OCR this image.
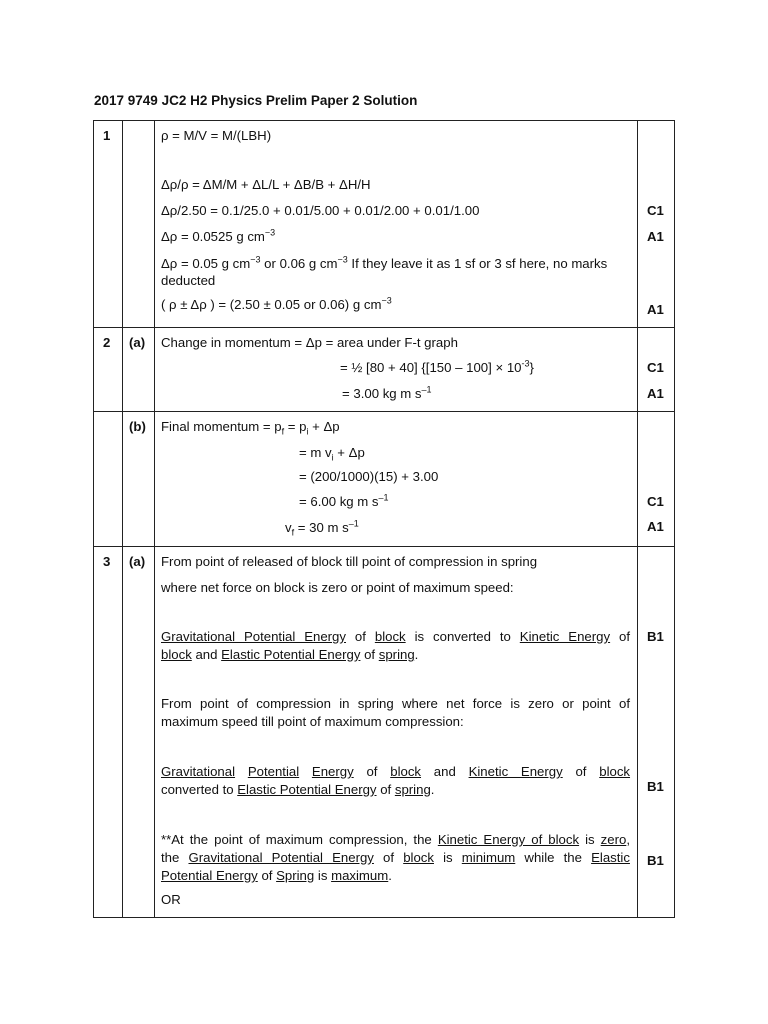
2017 9749 JC2 H2 Physics Prelim Paper 2 Solution
1	ρ = M/V = M/(LBH)
Δρ/ρ = ΔM/M + ΔL/L + ΔB/B + ΔH/H
Δρ/2.50 = 0.1/25.0 + 0.01/5.00 + 0.01/2.00 + 0.01/1.00
Δρ = 0.0525 g $cm^{-3}$
Δρ = 0.05 g $cm^{-3}$ or 0.06 g $cm^{-3}$ If they leave it as 1 sf or 3 sf here, no marks
deducted
( ρ ± Δρ ) = (2.50 ± 0.05 or 0.06) g $cm^{-3}$
C1
A1
A1
2 (a) Change in momentum = Δp = area under F-t graph
= ½ [80 + 40] $\{[150 - 100] \times 10^{-3}\}$
= 3.00 kg m $s^{-1}$
C1
A1
(b) Final momentum = $p_f = p_i + \Delta p$
= m $v_i + \Delta p$
= (200/1000)(15) + 3.00
= 6.00 kg m $s^{-1}$
$v_f = 30$ m $s^{-1}$
C1
A1
3 (a) From point of released of block till point of compression in spring
where net force on block is zero or point of maximum speed:
Gravitational Potential Energy of block is converted to Kinetic Energy of
block and Elastic Potential Energy of spring.
From point of compression in spring where net force is zero or point of
maximum speed till point of maximum compression:
Gravitational Potential Energy of block and Kinetic Energy of block
converted to Elastic Potential Energy of spring.
**At the point of maximum compression, the Kinetic Energy of block is zero,
the Gravitational Potential Energy of block is minimum while the Elastic
Potential Energy of Spring is maximum.
OR
B1
B1
B1
